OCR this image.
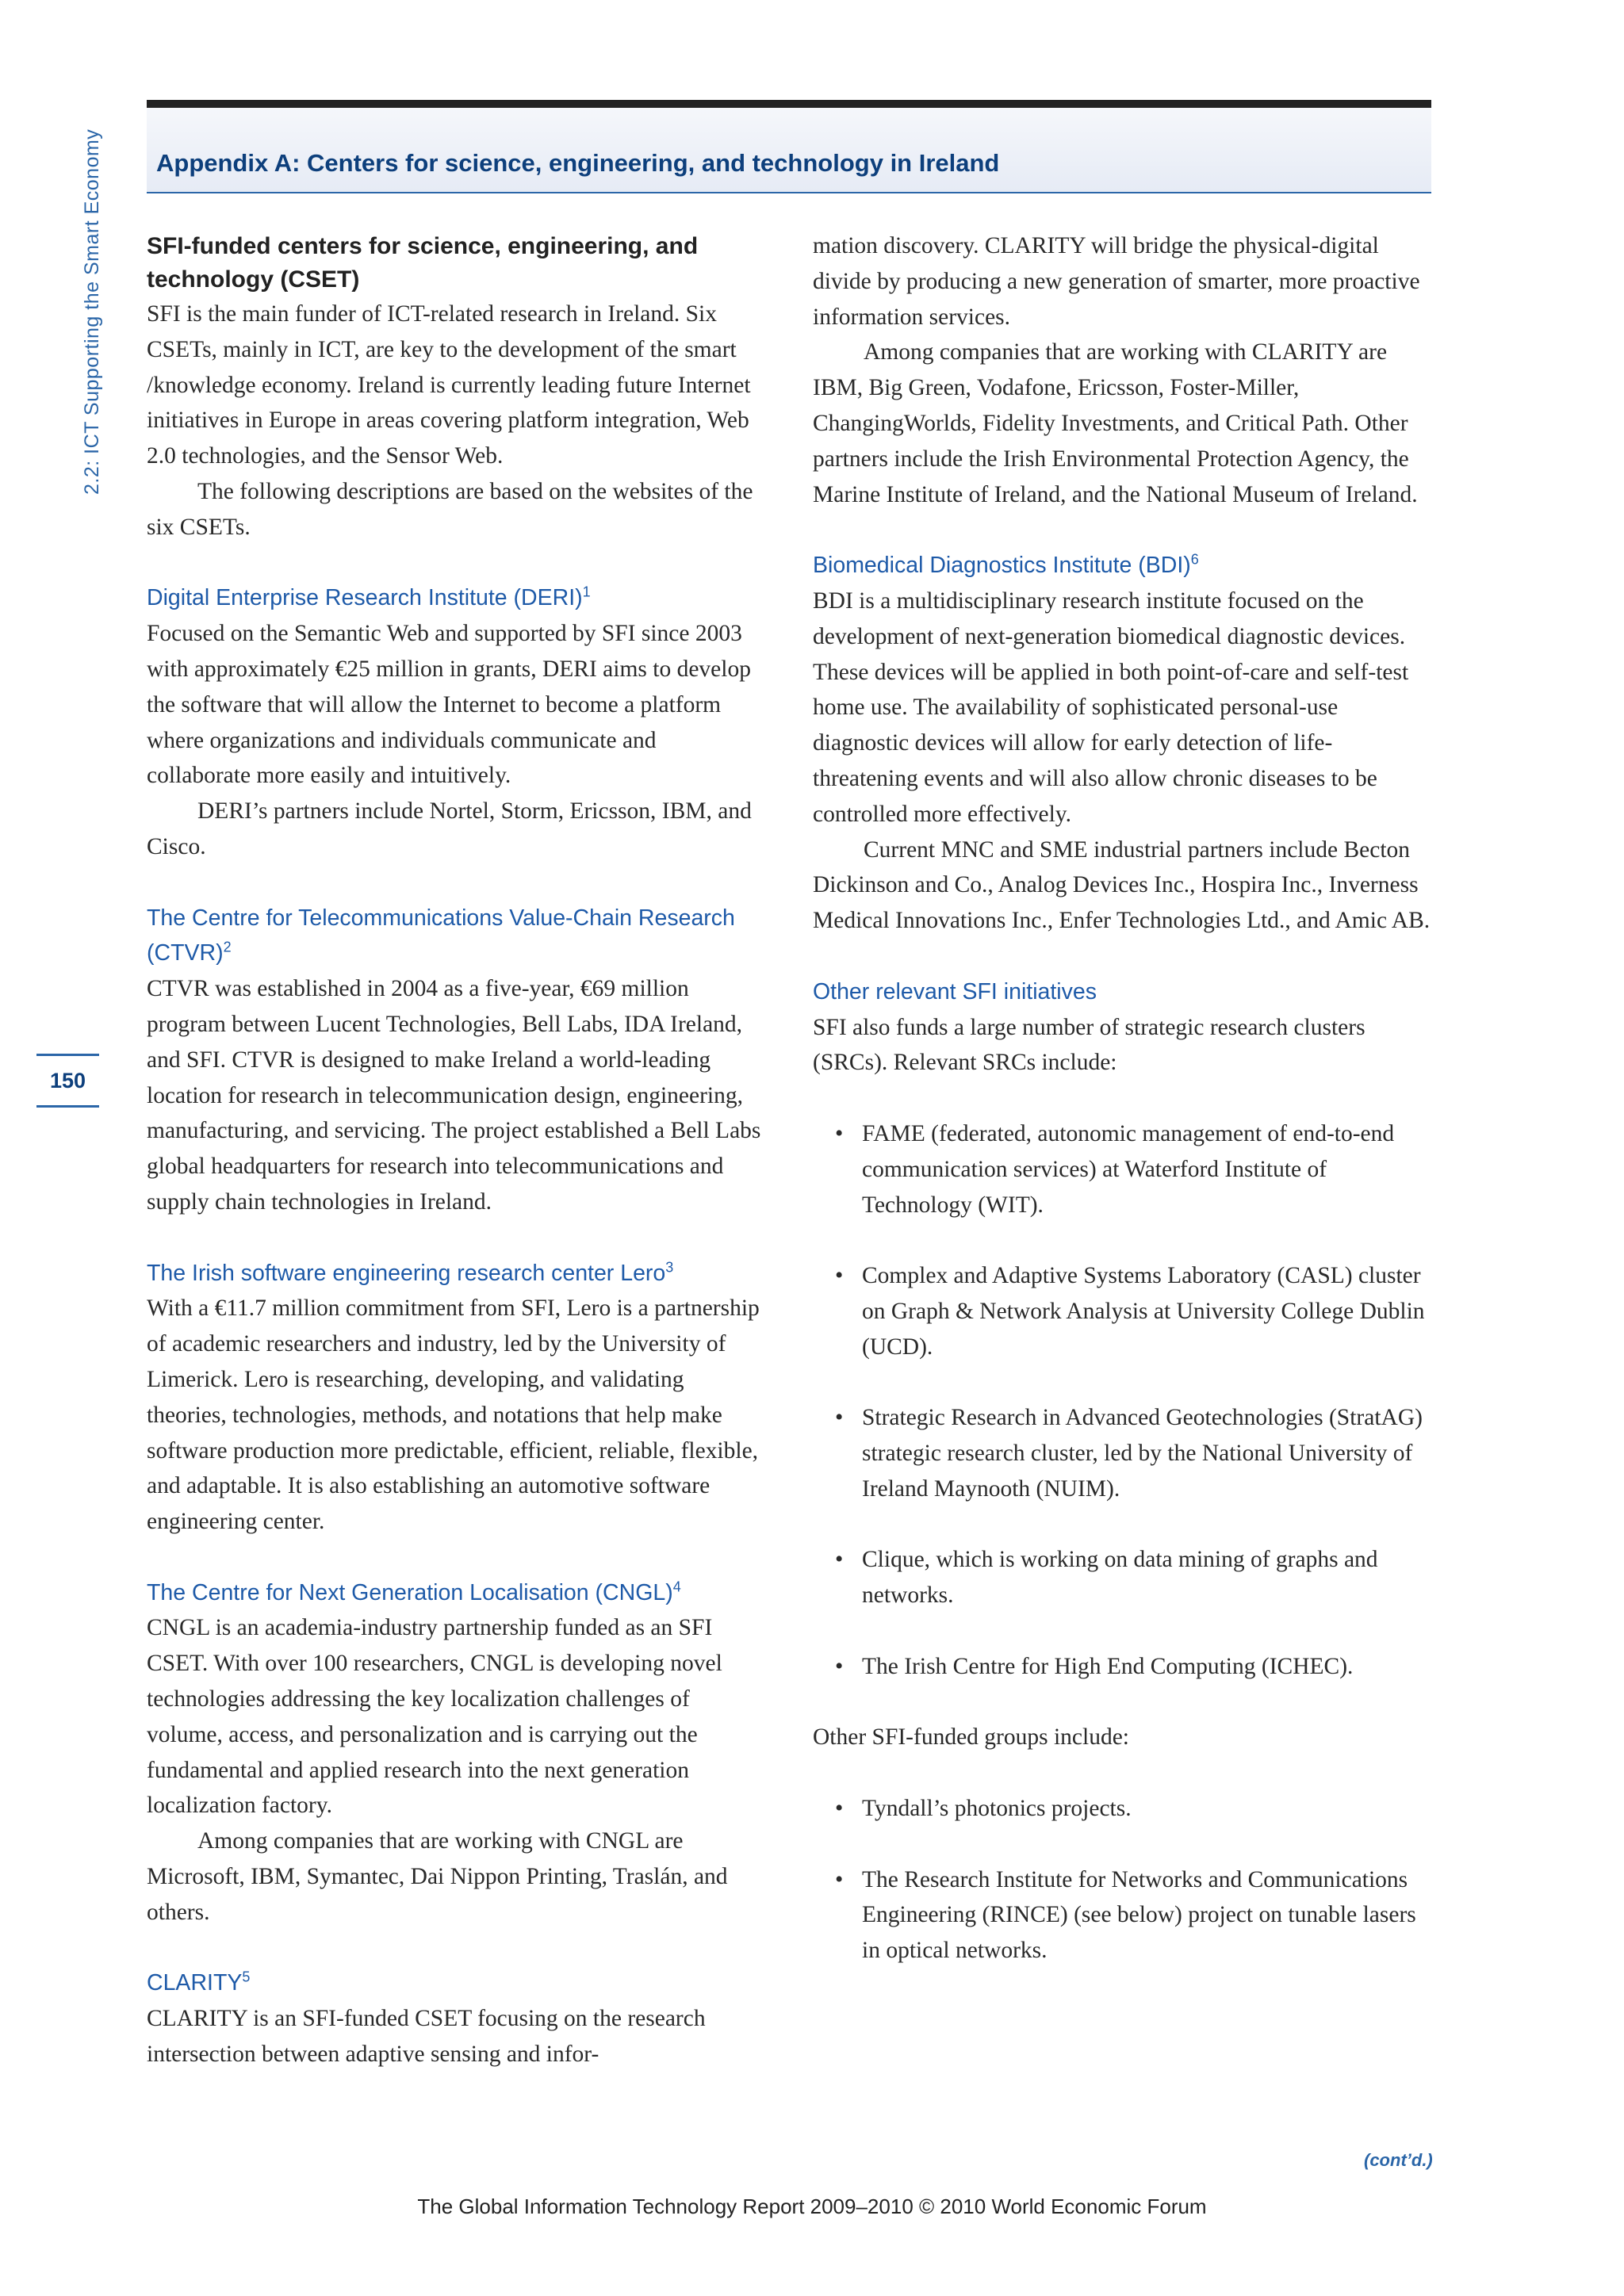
2.2: ICT Supporting the Smart Economy
150
Appendix A: Centers for science, engineering, and technology in Ireland
SFI-funded centers for science, engineering, and technology (CSET)

SFI is the main funder of ICT-related research in Ireland. Six CSETs, mainly in ICT, are key to the development of the smart /knowledge economy. Ireland is currently leading future Internet initiatives in Europe in areas covering platform integration, Web 2.0 technologies, and the Sensor Web.

The following descriptions are based on the websites of the six CSETs.

Digital Enterprise Research Institute (DERI)$^1$

Focused on the Semantic Web and supported by SFI since 2003 with approximately €25 million in grants, DERI aims to develop the software that will allow the Internet to become a platform where organizations and individuals communicate and collaborate more easily and intuitively.

DERI’s partners include Nortel, Storm, Ericsson, IBM, and Cisco.

The Centre for Telecommunications Value-Chain Research (CTVR)$^2$

CTVR was established in 2004 as a five-year, €69 million program between Lucent Technologies, Bell Labs, IDA Ireland, and SFI. CTVR is designed to make Ireland a world-leading location for research in telecommunication design, engineering, manufacturing, and servicing. The project established a Bell Labs global headquarters for research into telecommunications and supply chain technologies in Ireland.

The Irish software engineering research center Lero$^3$

With a €11.7 million commitment from SFI, Lero is a partnership of academic researchers and industry, led by the University of Limerick. Lero is researching, developing, and validating theories, technologies, methods, and notations that help make software production more predictable, efficient, reliable, flexible, and adaptable. It is also establishing an automotive software engineering center.

The Centre for Next Generation Localisation (CNGL)$^4$

CNGL is an academia-industry partnership funded as an SFI CSET. With over 100 researchers, CNGL is developing novel technologies addressing the key localization challenges of volume, access, and personalization and is carrying out the fundamental and applied research into the next generation localization factory.

Among companies that are working with CNGL are Microsoft, IBM, Symantec, Dai Nippon Printing, Traslán, and others.

CLARITY$^5$

CLARITY is an SFI-funded CSET focusing on the research intersection between adaptive sensing and infor-

mation discovery. CLARITY will bridge the physical-digital divide by producing a new generation of smarter, more proactive information services.

Among companies that are working with CLARITY are IBM, Big Green, Vodafone, Ericsson, Foster-Miller, ChangingWorlds, Fidelity Investments, and Critical Path. Other partners include the Irish Environmental Protection Agency, the Marine Institute of Ireland, and the National Museum of Ireland.

Biomedical Diagnostics Institute (BDI)$^6$

BDI is a multidisciplinary research institute focused on the development of next-generation biomedical diagnostic devices. These devices will be applied in both point-of-care and self-test home use. The availability of sophisticated personal-use diagnostic devices will allow for early detection of life-threatening events and will also allow chronic diseases to be controlled more effectively.

Current MNC and SME industrial partners include Becton Dickinson and Co., Analog Devices Inc., Hospira Inc., Inverness Medical Innovations Inc., Enfer Technologies Ltd., and Amic AB.

Other relevant SFI initiatives

SFI also funds a large number of strategic research clusters (SRCs). Relevant SRCs include:

• FAME (federated, autonomic management of end-to-end communication services) at Waterford Institute of Technology (WIT).
• Complex and Adaptive Systems Laboratory (CASL) cluster on Graph & Network Analysis at University College Dublin (UCD).
• Strategic Research in Advanced Geotechnologies (StratAG) strategic research cluster, led by the National University of Ireland Maynooth (NUIM).
• Clique, which is working on data mining of graphs and networks.
• The Irish Centre for High End Computing (ICHEC).

Other SFI-funded groups include:

• Tyndall’s photonics projects.
• The Research Institute for Networks and Communications Engineering (RINCE) (see below) project on tunable lasers in optical networks.
(cont’d.)
The Global Information Technology Report 2009–2010 © 2010 World Economic Forum
